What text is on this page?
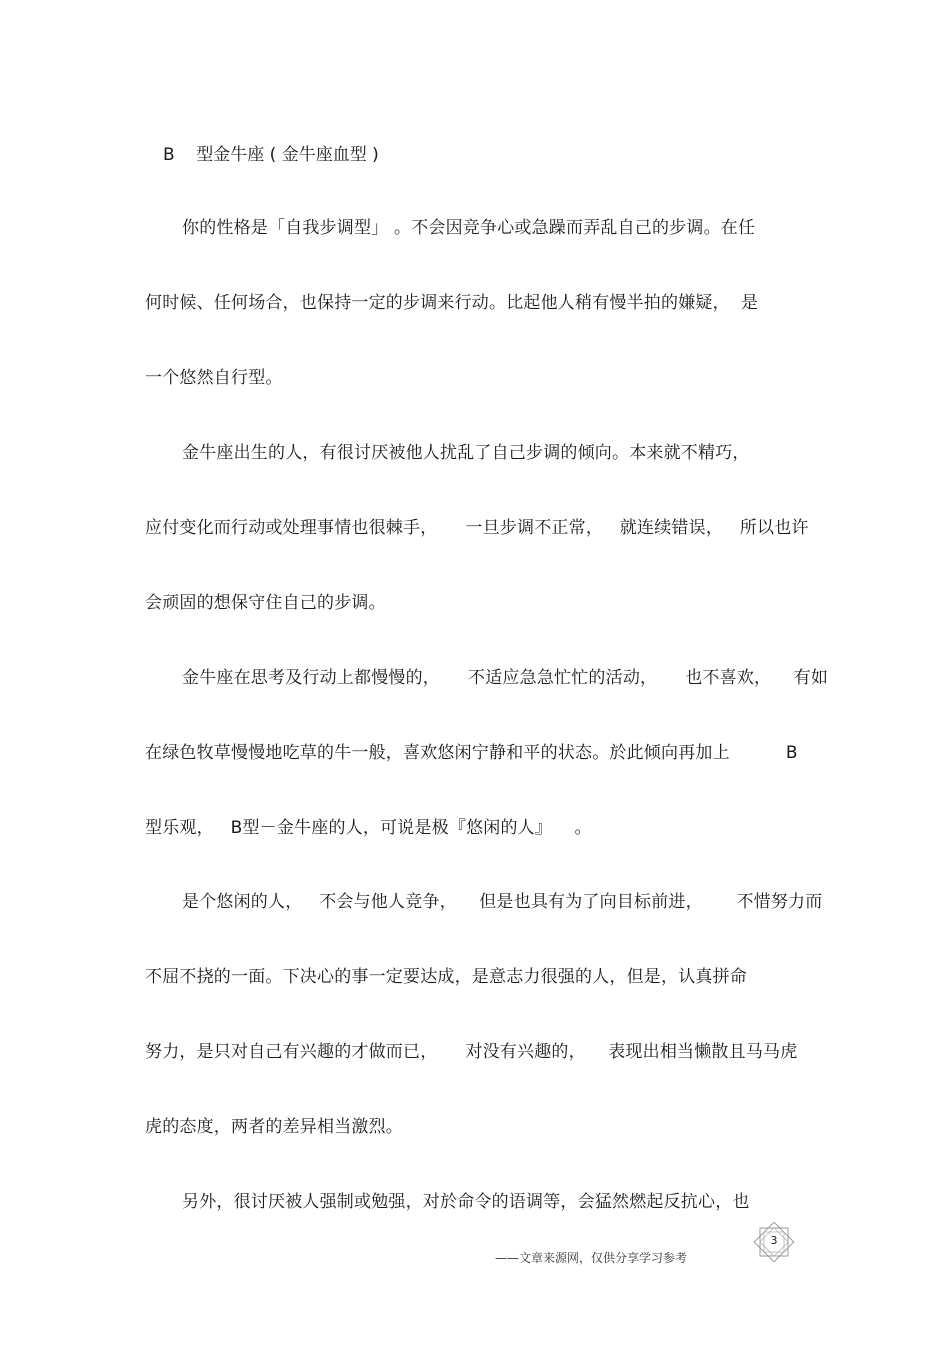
B    型金牛座 ( 金牛座血型 )
你的性格是「自我步调型」 。不会因竞争心或急躁而弄乱自己的步调。在任
何时候、任何场合，也保持一定的步调来行动。比起他人稍有慢半拍的嫌疑，  是
一个悠然自行型。
金牛座出生的人，有很讨厌被他人扰乱了自己步调的倾向。本来就不精巧，
应付变化而行动或处理事情也很棘手，     一旦步调不正常，   就连续错误，   所以也许
会顽固的想保守住自己的步调。
金牛座在思考及行动上都慢慢的，     不适应急急忙忙的活动，     也不喜欢，    有如
在绿色牧草慢慢地吃草的牛一般，喜欢悠闲宁静和平的状态。於此倾向再加上          B
型乐观，   B型－金牛座的人，可说是极『悠闲的人』    。
是个悠闲的人，   不会与他人竞争，    但是也具有为了向目标前进，      不惜努力而
不屈不挠的一面。下决心的事一定要达成，是意志力很强的人，但是，认真拼命
努力，是只对自己有兴趣的才做而已，     对没有兴趣的，    表现出相当懒散且马马虎
虎的态度，两者的差异相当激烈。
另外，很讨厌被人强制或勉强，对於命令的语调等，会猛然燃起反抗心，也
3
——文章来源网，仅供分享学习参考
